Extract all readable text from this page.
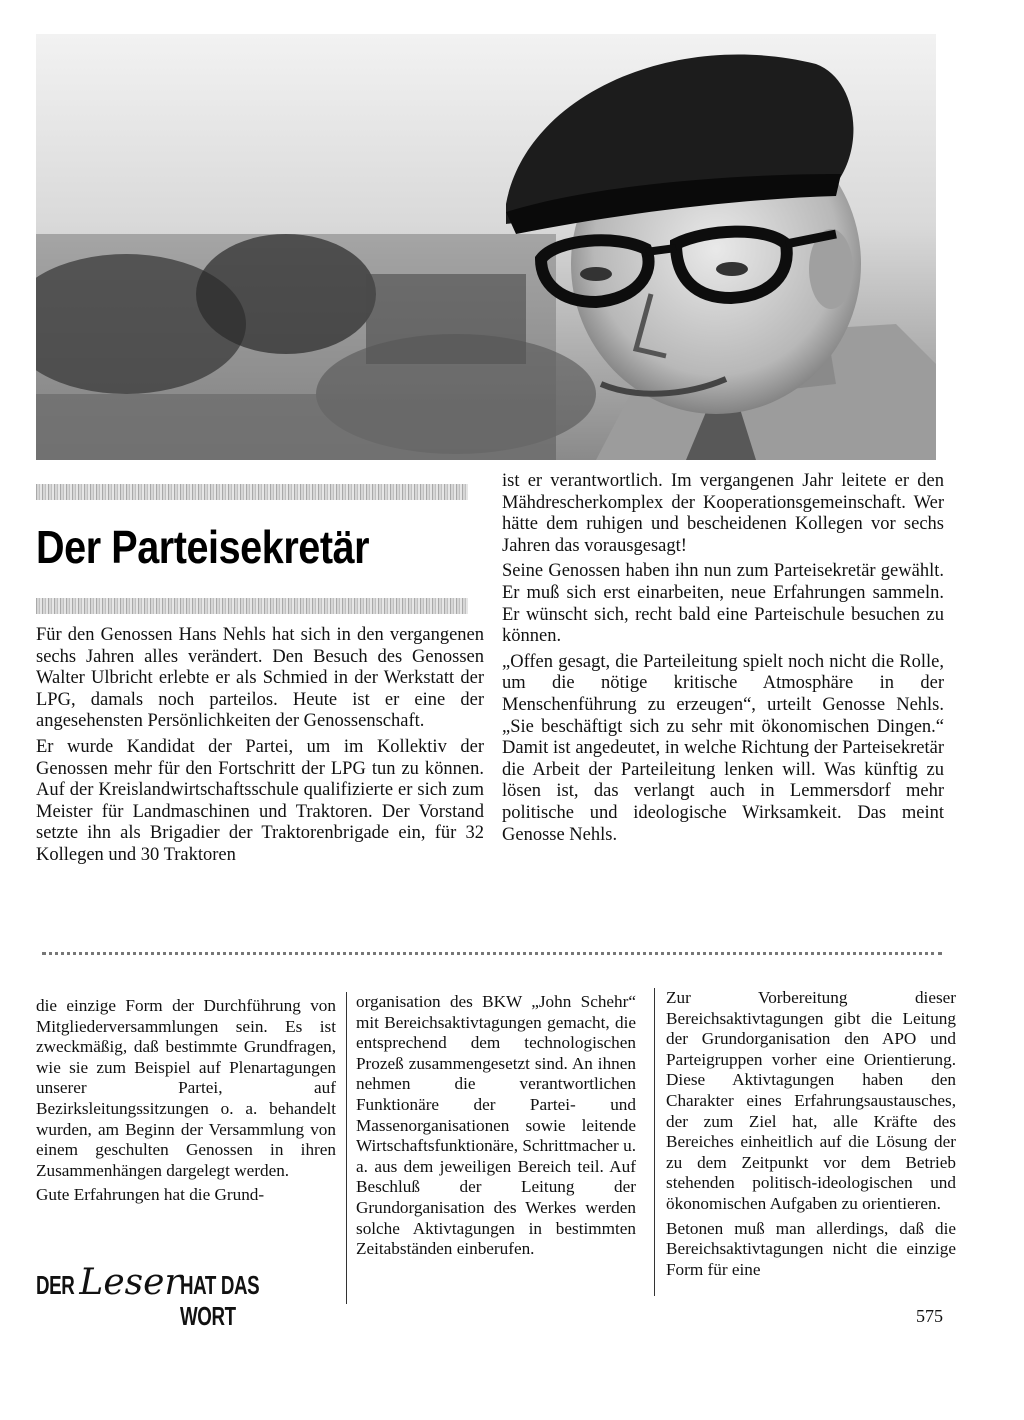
Der Parteisekretär

Für den Genossen Hans Nehls hat sich in den vergangenen sechs Jahren alles verändert. Den Besuch des Genossen Walter Ulbricht erlebte er als Schmied in der Werkstatt der LPG, damals noch parteilos. Heute ist er eine der angesehensten Persönlichkeiten der Genossenschaft.

Er wurde Kandidat der Partei, um im Kollektiv der Genossen mehr für den Fortschritt der LPG tun zu können. Auf der Kreislandwirtschaftsschule qualifizierte er sich zum Meister für Landmaschinen und Traktoren. Der Vorstand setzte ihn als Brigadier der Traktorenbrigade ein, für 32 Kollegen und 30 Traktoren

ist er verantwortlich. Im vergangenen Jahr leitete er den Mähdrescherkomplex der Kooperationsgemeinschaft. Wer hätte dem ruhigen und bescheidenen Kollegen vor sechs Jahren das vorausgesagt!

Seine Genossen haben ihn nun zum Parteisekretär gewählt. Er muß sich erst einarbeiten, neue Erfahrungen sammeln. Er wünscht sich, recht bald eine Parteischule besuchen zu können.

„Offen gesagt, die Parteileitung spielt noch nicht die Rolle, um die nötige kritische Atmosphäre in der Menschenführung zu erzeugen“, urteilt Genosse Nehls. „Sie beschäftigt sich zu sehr mit ökonomischen Dingen.“ Damit ist angedeutet, in welche Richtung der Parteisekretär die Arbeit der Parteileitung lenken will. Was künftig zu lösen ist, das verlangt auch in Lemmersdorf mehr politische und ideologische Wirksamkeit. Das meint Genosse Nehls.

die einzige Form der Durchführung von Mitgliederversammlungen sein. Es ist zweckmäßig, daß bestimmte Grundfragen, wie sie zum Beispiel auf Plenartagungen unserer Partei, auf Bezirksleitungssitzungen o. a. behandelt wurden, am Beginn der Versammlung von einem geschulten Genossen in ihren Zusammenhängen dargelegt werden.

Gute Erfahrungen hat die Grund-

organisation des BKW „John Schehr“ mit Bereichsaktivtagungen gemacht, die entsprechend dem technologischen Prozeß zusammengesetzt sind. An ihnen nehmen die verantwortlichen Funktionäre der Partei- und Massenorganisationen sowie leitende Wirtschaftsfunktionäre, Schrittmacher u. a. aus dem jeweiligen Bereich teil. Auf Beschluß der Leitung der Grundorganisation des Werkes werden solche Aktivtagungen in bestimmten Zeitabständen einberufen.

Zur Vorbereitung dieser Bereichsaktivtagungen gibt die Leitung der Grundorganisation den APO und Parteigruppen vorher eine Orientierung. Diese Aktivtagungen haben den Charakter eines Erfahrungsaustausches, der zum Ziel hat, alle Kräfte des Bereiches einheitlich auf die Lösung der zu dem Zeitpunkt vor dem Betrieb stehenden politisch-ideologischen und ökonomischen Aufgaben zu orientieren.

Betonen muß man allerdings, daß die Bereichsaktivtagungen nicht die einzige Form für eine

DER Leser
HAT DAS WORT	575
